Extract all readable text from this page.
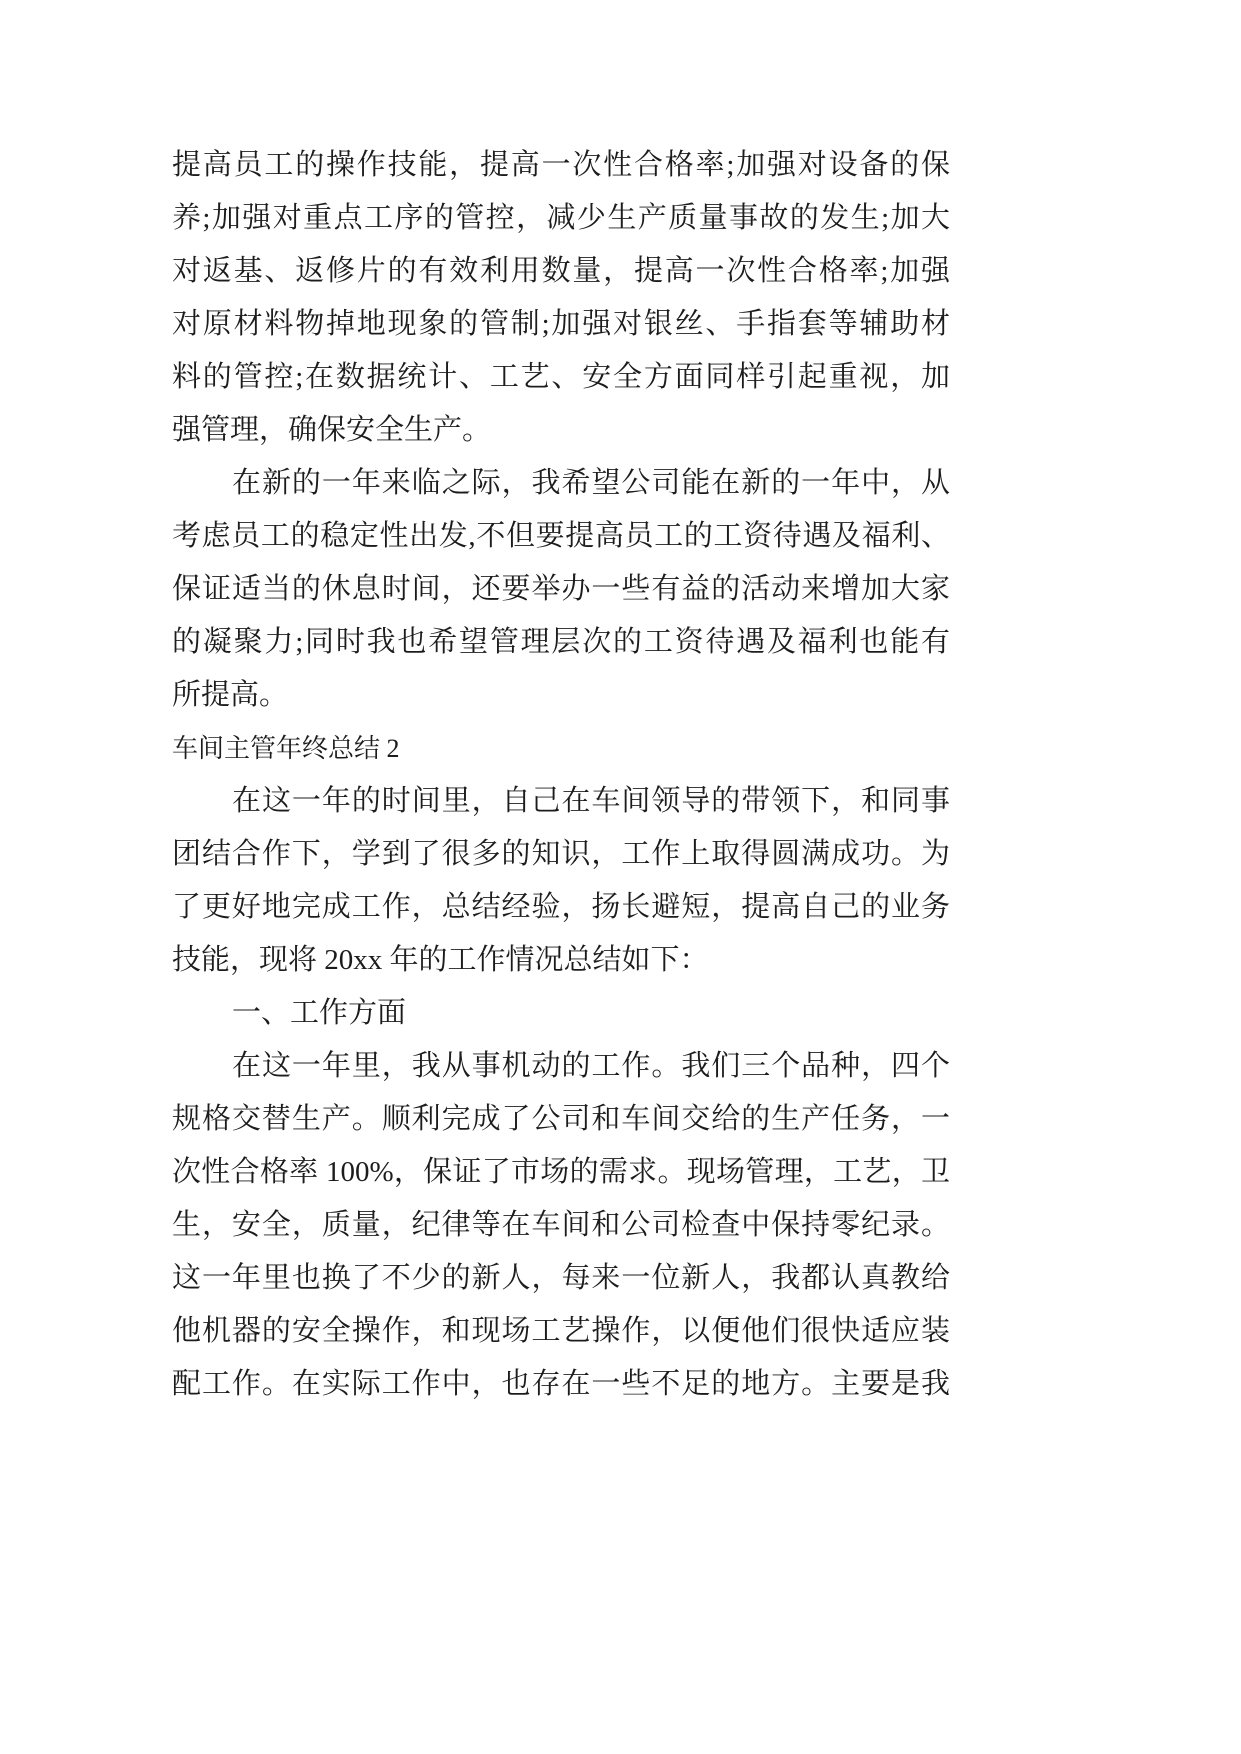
提高员工的操作技能，提高一次性合格率;加强对设备的保
养;加强对重点工序的管控，减少生产质量事故的发生;加大
对返基、返修片的有效利用数量，提高一次性合格率;加强
对原材料物掉地现象的管制;加强对银丝、手指套等辅助材
料的管控;在数据统计、工艺、安全方面同样引起重视，加
强管理，确保安全生产。
在新的一年来临之际，我希望公司能在新的一年中，从
考虑员工的稳定性出发,不但要提高员工的工资待遇及福利、
保证适当的休息时间，还要举办一些有益的活动来增加大家
的凝聚力;同时我也希望管理层次的工资待遇及福利也能有
所提高。
车间主管年终总结 2
在这一年的时间里，自己在车间领导的带领下，和同事
团结合作下，学到了很多的知识，工作上取得圆满成功。为
了更好地完成工作，总结经验，扬长避短，提高自己的业务
技能，现将 20xx 年的工作情况总结如下：
一、工作方面
在这一年里，我从事机动的工作。我们三个品种，四个
规格交替生产。顺利完成了公司和车间交给的生产任务，一
次性合格率 100%，保证了市场的需求。现场管理，工艺，卫
生，安全，质量，纪律等在车间和公司检查中保持零纪录。
这一年里也换了不少的新人，每来一位新人，我都认真教给
他机器的安全操作，和现场工艺操作，以便他们很快适应装
配工作。在实际工作中，也存在一些不足的地方。主要是我
